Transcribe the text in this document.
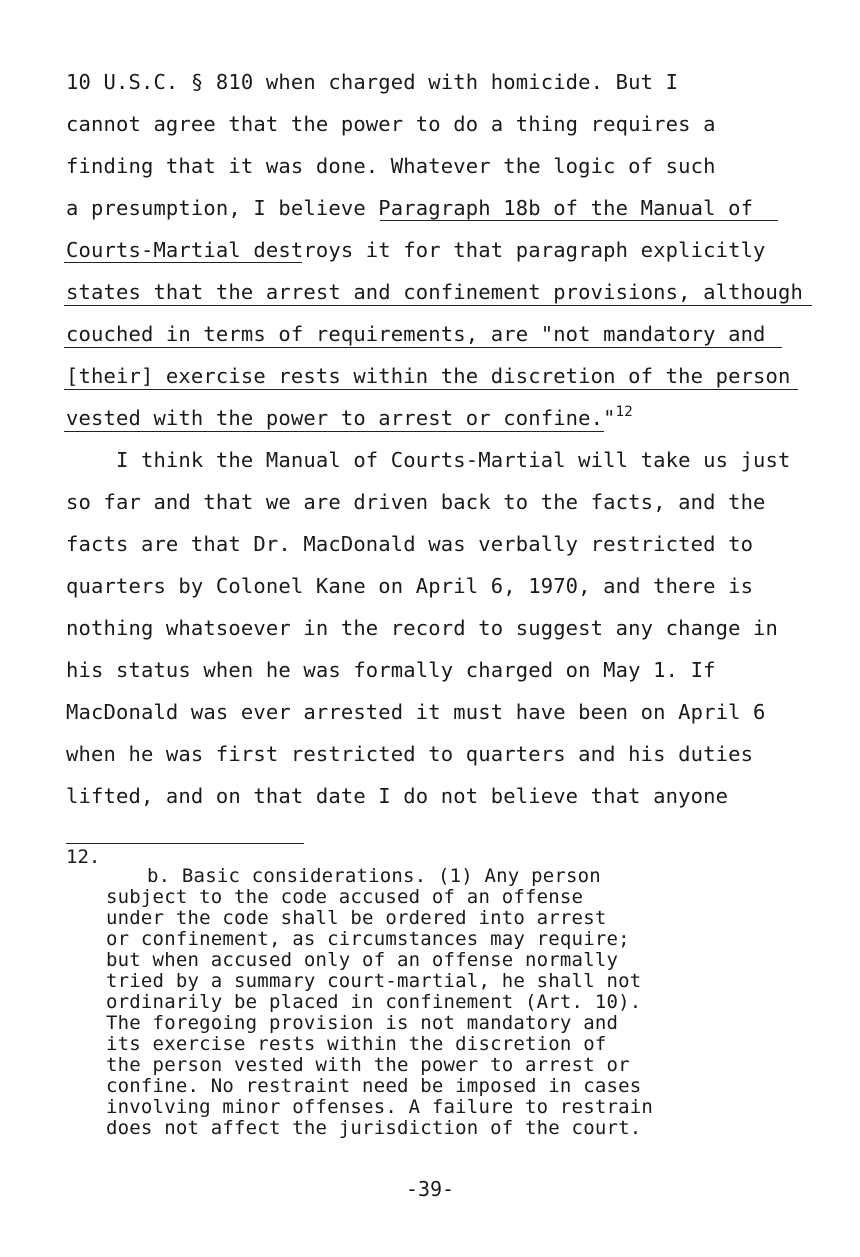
10 U.S.C. § 810 when charged with homicide. But I
cannot agree that the power to do a thing requires a
finding that it was done. Whatever the logic of such
a presumption, I believe Paragraph 18b of the Manual of
Courts-Martial destroys it for that paragraph explicitly
states that the arrest and confinement provisions, although
couched in terms of requirements, are "not mandatory and
[their] exercise rests within the discretion of the person
vested with the power to arrest or confine."$^{12}$
I think the Manual of Courts-Martial will take us just
so far and that we are driven back to the facts, and the
facts are that Dr. MacDonald was verbally restricted to
quarters by Colonel Kane on April 6, 1970, and there is
nothing whatsoever in the record to suggest any change in
his status when he was formally charged on May 1. If
MacDonald was ever arrested it must have been on April 6
when he was first restricted to quarters and his duties
lifted, and on that date I do not believe that anyone
12.
b. Basic considerations. (1) Any person
subject to the code accused of an offense
under the code shall be ordered into arrest
or confinement, as circumstances may require;
but when accused only of an offense normally
tried by a summary court-martial, he shall not
ordinarily be placed in confinement (Art. 10).
The foregoing provision is not mandatory and
its exercise rests within the discretion of
the person vested with the power to arrest or
confine. No restraint need be imposed in cases
involving minor offenses. A failure to restrain
does not affect the jurisdiction of the court.
-39-
